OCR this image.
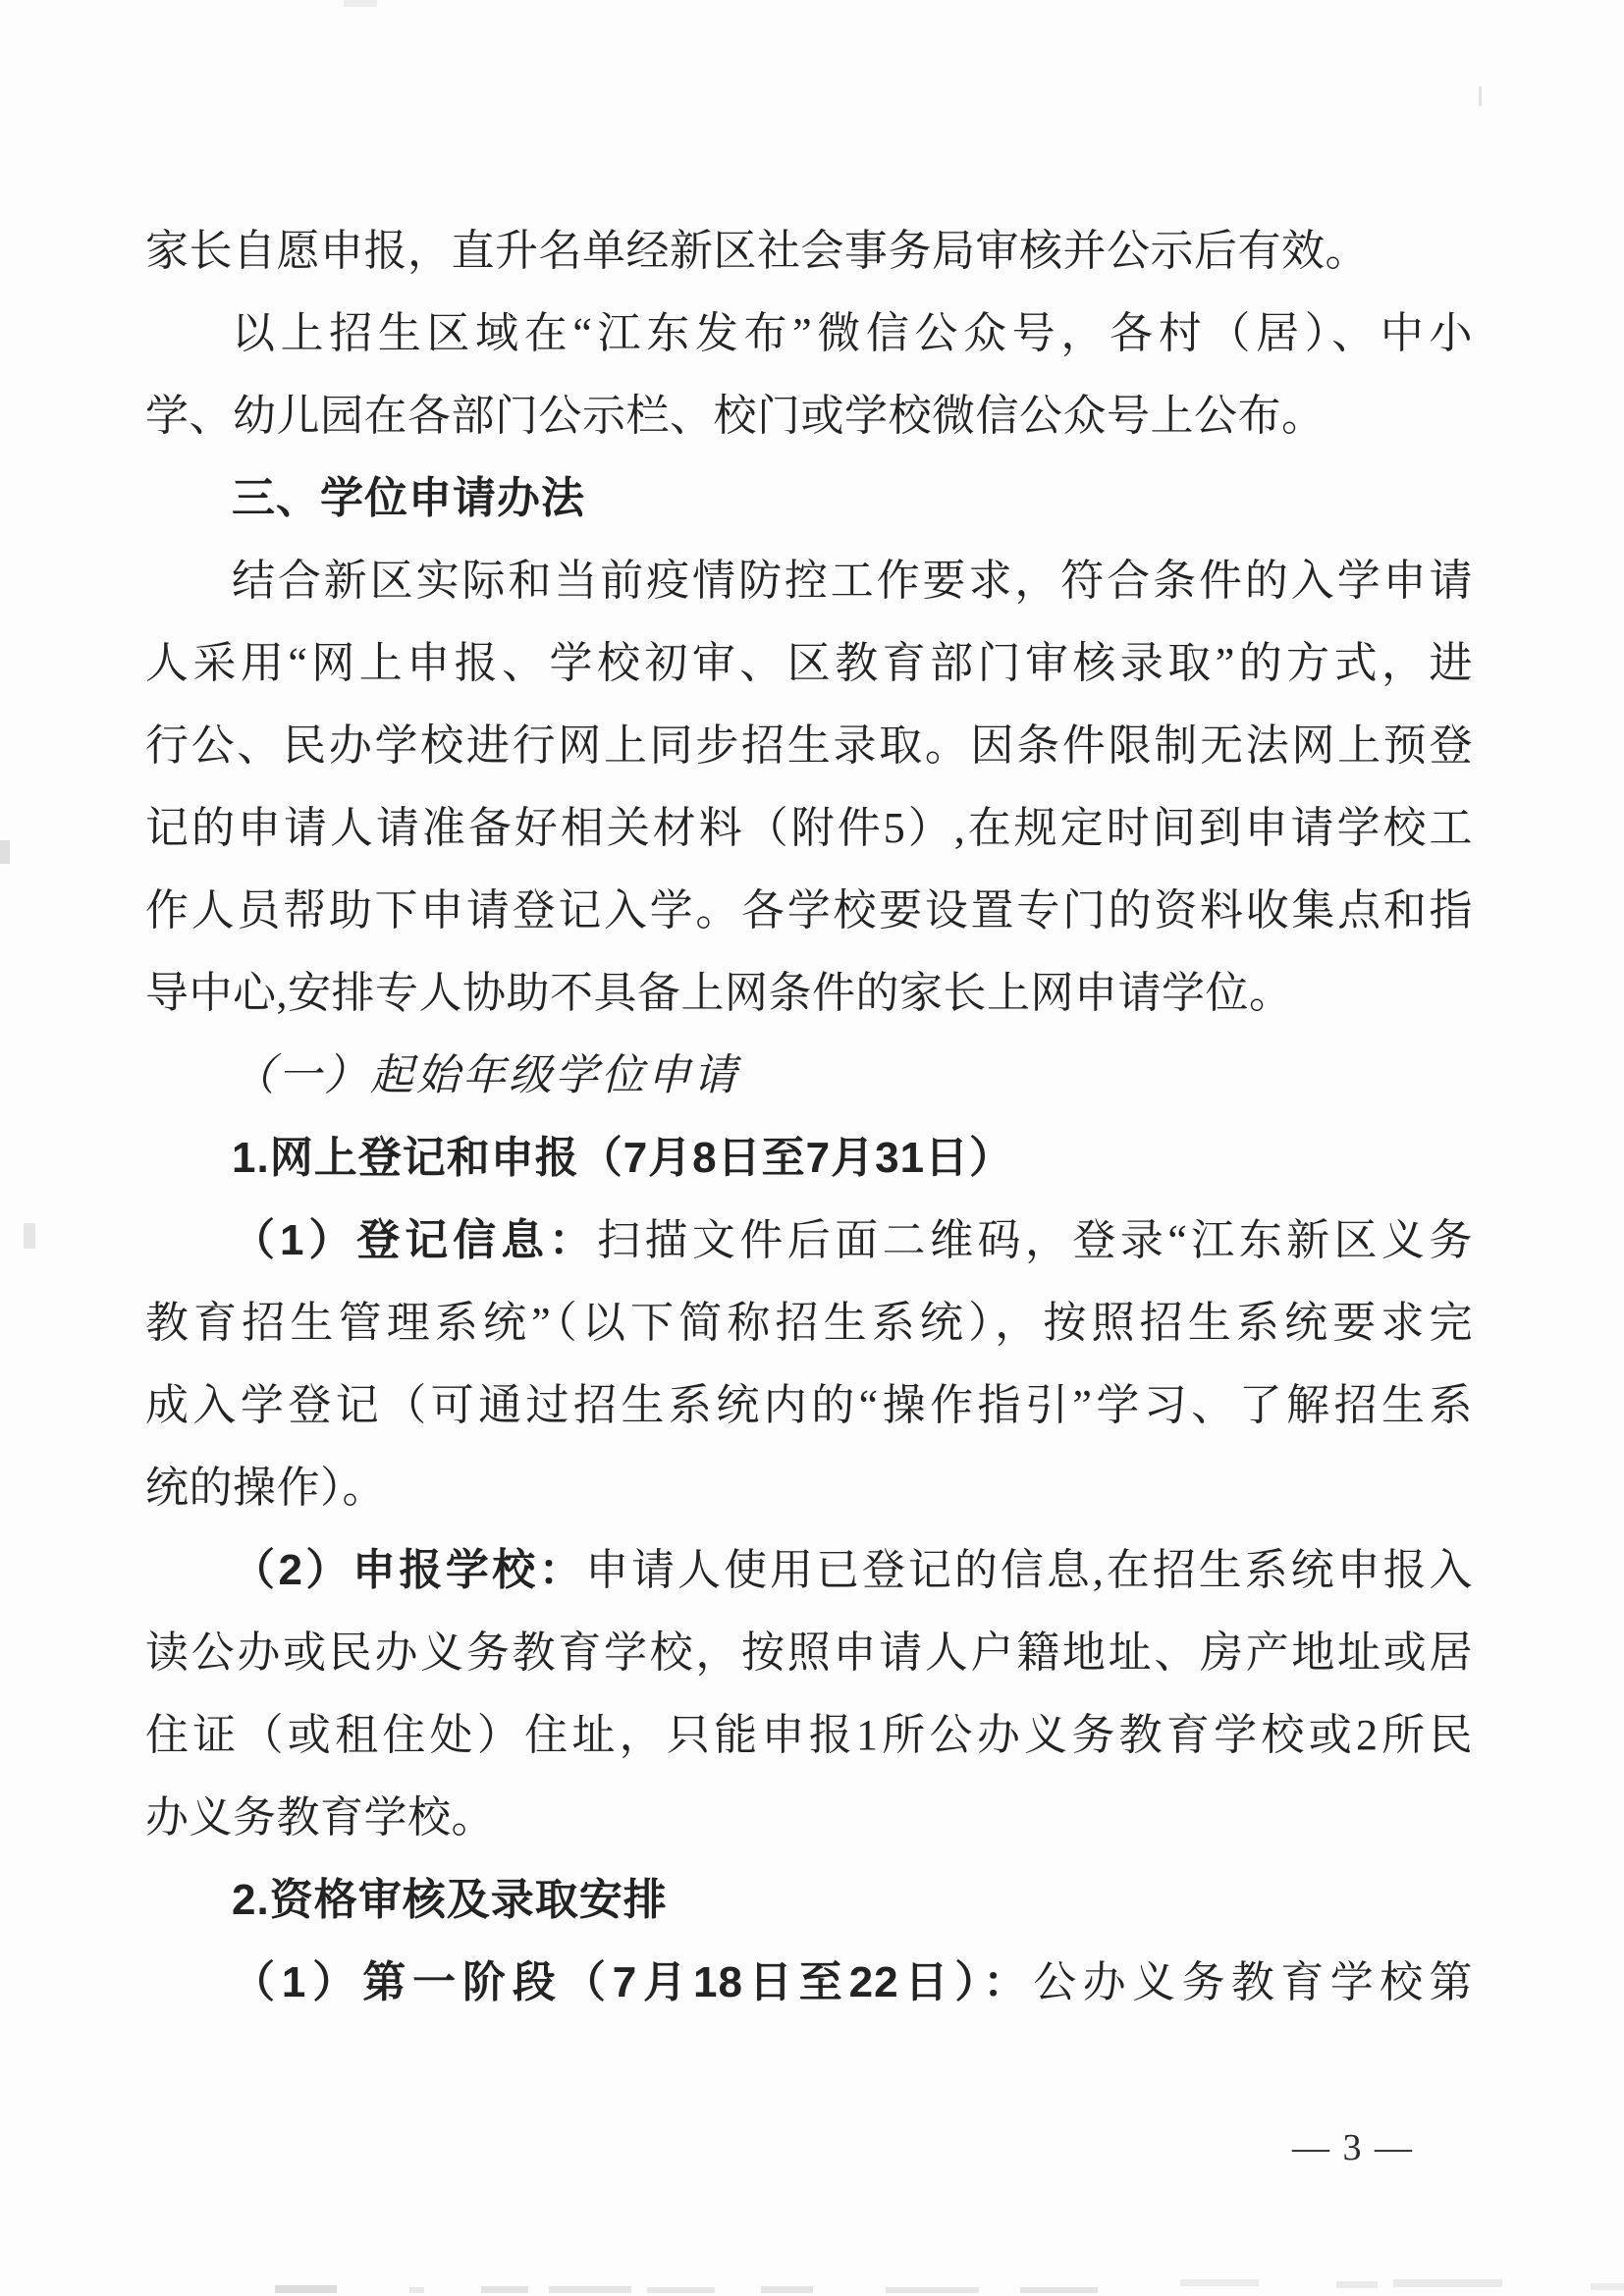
家长自愿申报，直升名单经新区社会事务局审核并公示后有效。
以上招生区域在“江东发布”微信公众号，各村（居）、中小
学、幼儿园在各部门公示栏、校门或学校微信公众号上公布。
三、学位申请办法
结合新区实际和当前疫情防控工作要求，符合条件的入学申请
人采用“网上申报、学校初审、区教育部门审核录取”的方式，进
行公、民办学校进行网上同步招生录取。因条件限制无法网上预登
记的申请人请准备好相关材料（附件5）,在规定时间到申请学校工
作人员帮助下申请登记入学。各学校要设置专门的资料收集点和指
导中心,安排专人协助不具备上网条件的家长上网申请学位。
（一）起始年级学位申请
1.网上登记和申报（7月8日至7月31日）
（1）登记信息：扫描文件后面二维码，登录“江东新区义务
教育招生管理系统”（以下简称招生系统），按照招生系统要求完
成入学登记（可通过招生系统内的“操作指引”学习、了解招生系
统的操作）。
（2）申报学校：申请人使用已登记的信息,在招生系统申报入
读公办或民办义务教育学校，按照申请人户籍地址、房产地址或居
住证（或租住处）住址，只能申报1所公办义务教育学校或2所民
办义务教育学校。
2.资格审核及录取安排
（1）第一阶段（7月18日至22日）：公办义务教育学校第
— 3 —
